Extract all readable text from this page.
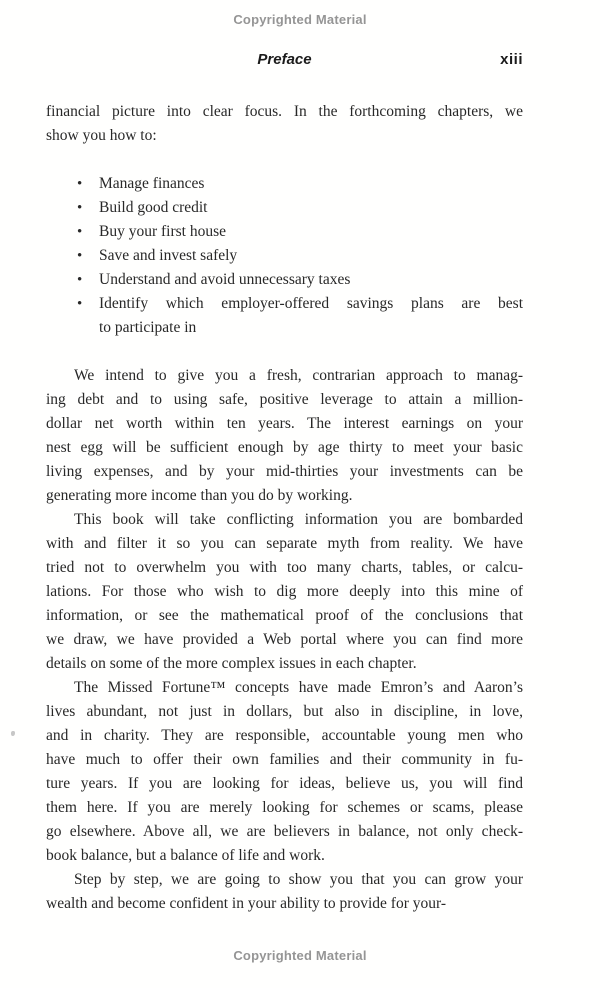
Copyrighted Material
Preface	xiii
financial picture into clear focus. In the forthcoming chapters, we
show you how to:
•	Manage finances
•	Build good credit
•	Buy your first house
•	Save and invest safely
•	Understand and avoid unnecessary taxes
•	Identify which employer-offered savings plans are best
to participate in
We intend to give you a fresh, contrarian approach to manag-
ing debt and to using safe, positive leverage to attain a million-
dollar net worth within ten years. The interest earnings on your
nest egg will be sufficient enough by age thirty to meet your basic
living expenses, and by your mid-thirties your investments can be
generating more income than you do by working.
This book will take conflicting information you are bombarded
with and filter it so you can separate myth from reality. We have
tried not to overwhelm you with too many charts, tables, or calcu-
lations. For those who wish to dig more deeply into this mine of
information, or see the mathematical proof of the conclusions that
we draw, we have provided a Web portal where you can find more
details on some of the more complex issues in each chapter.
The Missed Fortune™ concepts have made Emron’s and Aaron’s
lives abundant, not just in dollars, but also in discipline, in love,
and in charity. They are responsible, accountable young men who
have much to offer their own families and their community in fu-
ture years. If you are looking for ideas, believe us, you will find
them here. If you are merely looking for schemes or scams, please
go elsewhere. Above all, we are believers in balance, not only check-
book balance, but a balance of life and work.
Step by step, we are going to show you that you can grow your
wealth and become confident in your ability to provide for your-
Copyrighted Material
